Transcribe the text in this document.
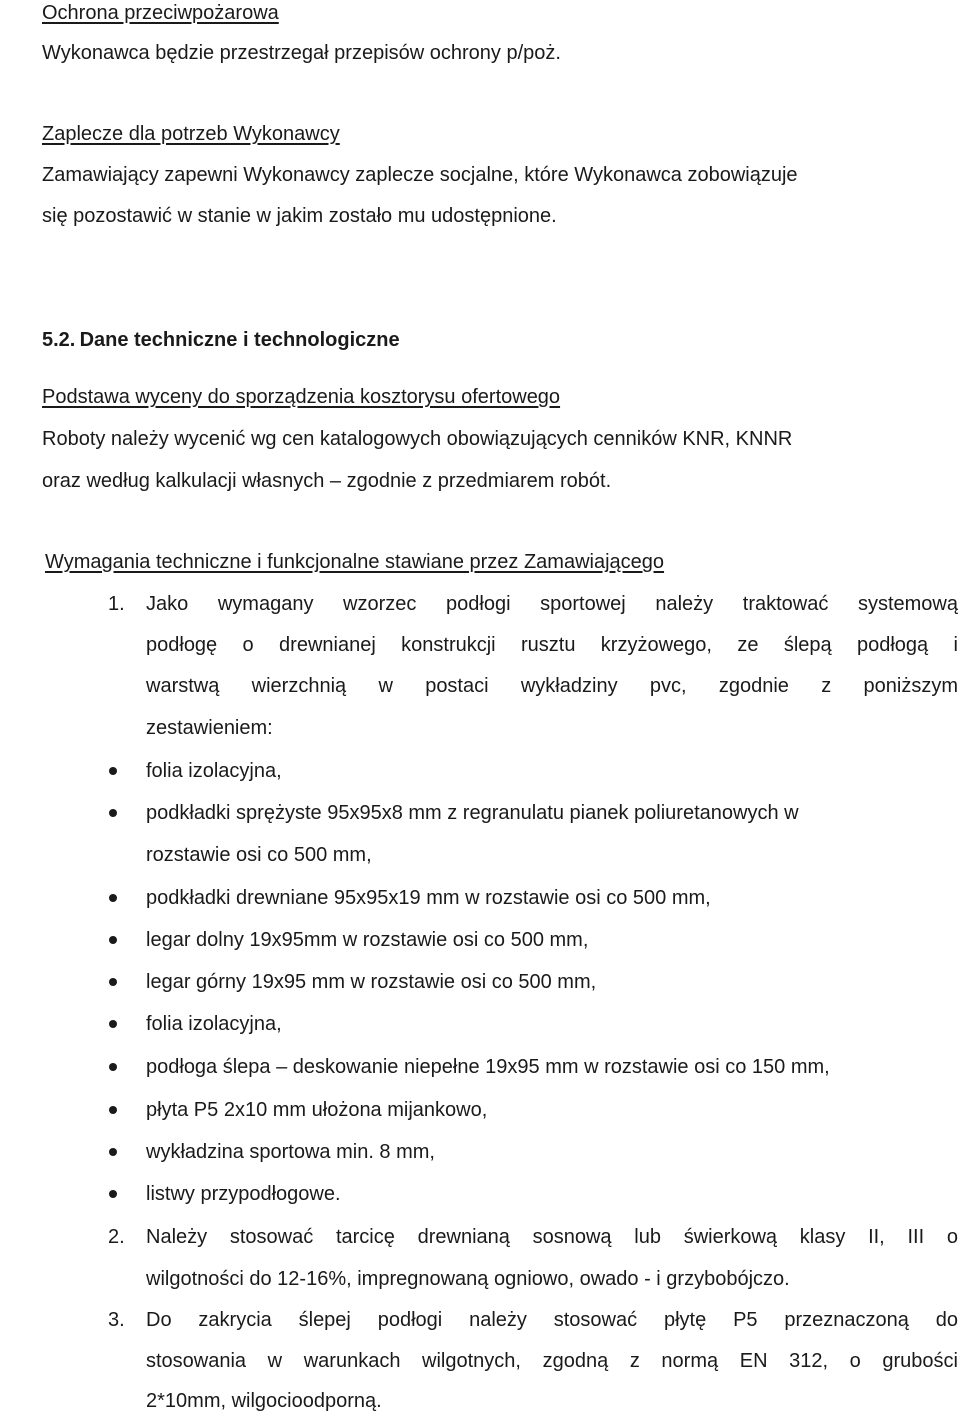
Ochrona przeciwpożarowa
Wykonawca będzie przestrzegał przepisów ochrony p/poż.
Zaplecze dla potrzeb Wykonawcy
Zamawiający zapewni Wykonawcy zaplecze socjalne, które Wykonawca zobowiązuje
się pozostawić w stanie w jakim zostało mu udostępnione.
5.2. Dane techniczne i technologiczne
Podstawa wyceny do sporządzenia kosztorysu ofertowego
Roboty należy wycenić wg cen katalogowych obowiązujących cenników KNR, KNNR
oraz według kalkulacji własnych – zgodnie z przedmiarem robót.
Wymagania techniczne i funkcjonalne stawiane przez Zamawiającego
1. Jako wymagany wzorzec podłogi sportowej należy traktować systemową
podłogę o drewnianej konstrukcji rusztu krzyżowego, ze ślepą podłogą i
warstwą wierzchnią w postaci wykładziny pvc, zgodnie z poniższym
zestawieniem:
folia izolacyjna,
podkładki sprężyste 95x95x8 mm z regranulatu pianek poliuretanowych w
rozstawie osi co 500 mm,
podkładki drewniane 95x95x19 mm w rozstawie osi co 500 mm,
legar dolny 19x95mm w rozstawie osi co 500 mm,
legar górny 19x95 mm w rozstawie osi co 500 mm,
folia izolacyjna,
podłoga ślepa – deskowanie niepełne 19x95 mm w rozstawie osi co 150 mm,
płyta P5 2x10 mm ułożona mijankowo,
wykładzina sportowa min. 8 mm,
listwy przypodłogowe.
2. Należy stosować tarcicę drewnianą sosnową lub świerkową klasy II, III o
wilgotności do 12-16%, impregnowaną ogniowo, owado - i grzybobójczo.
3. Do zakrycia ślepej podłogi należy stosować płytę P5 przeznaczoną do
stosowania w warunkach wilgotnych, zgodną z normą EN 312, o grubości
2*10mm, wilgocioodporną.
